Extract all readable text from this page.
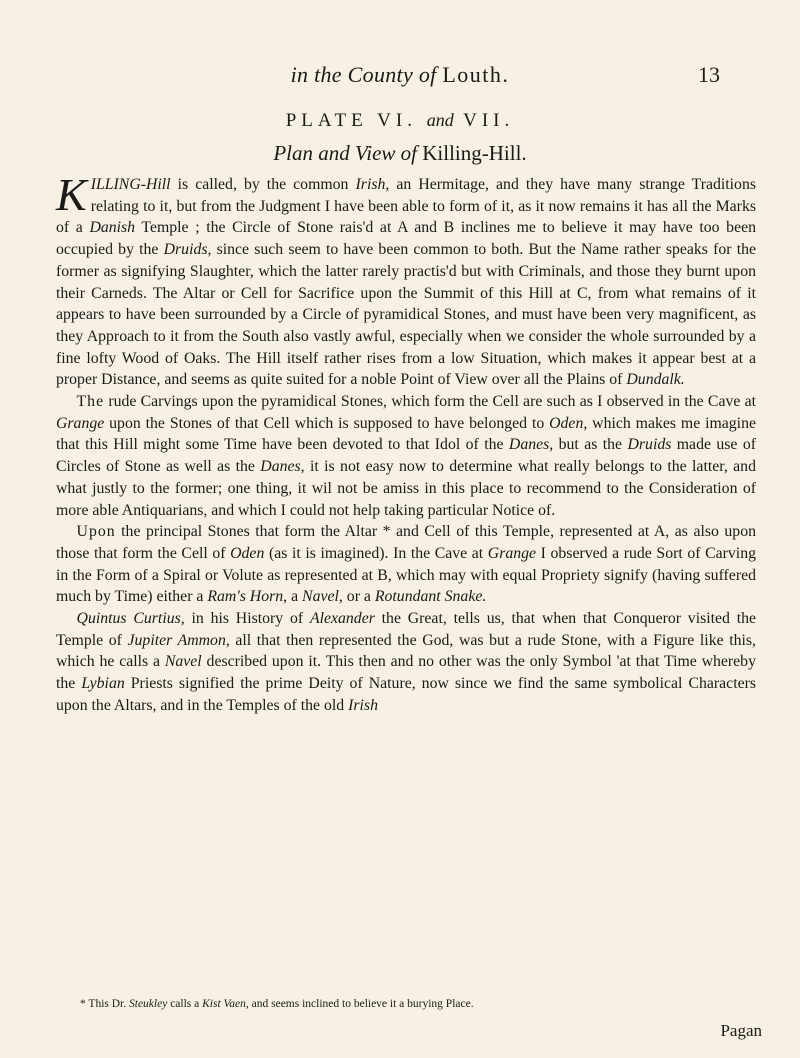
in the County of Louth.	13
PLATE VI. and VII.
Plan and View of Killing-Hill.

KILLING-Hill is called, by the common Irish, an Hermitage, and they have many strange Traditions relating to it, but from the Judgment I have been able to form of it, as it now remains it has all the Marks of a Danish Temple ; the Circle of Stone rais'd at A and B inclines me to believe it may have too been occupied by the Druids, since such seem to have been common to both. But the Name rather speaks for the former as signifying Slaughter, which the latter rarely practis'd but with Criminals, and those they burnt upon their Carneds. The Altar or Cell for Sacrifice upon the Summit of this Hill at C, from what remains of it appears to have been surrounded by a Circle of pyramidical Stones, and must have been very magnificent, as they Approach to it from the South also vastly awful, especially when we consider the whole surrounded by a fine lofty Wood of Oaks. The Hill itself rather rises from a low Situation, which makes it appear best at a proper Distance, and seems as quite suited for a noble Point of View over all the Plains of Dundalk.

The rude Carvings upon the pyramidical Stones, which form the Cell are such as I observed in the Cave at Grange upon the Stones of that Cell which is supposed to have belonged to Oden, which makes me imagine that this Hill might some Time have been devoted to that Idol of the Danes, but as the Druids made use of Circles of Stone as well as the Danes, it is not easy now to determine what really belongs to the latter, and what justly to the former; one thing, it wil not be amiss in this place to recommend to the Consideration of more able Antiquarians, and which I could not help taking particular Notice of.

Upon the principal Stones that form the Altar * and Cell of this Temple, represented at A, as also upon those that form the Cell of Oden (as it is imagined). In the Cave at Grange I observed a rude Sort of Carving in the Form of a Spiral or Volute as represented at B, which may with equal Propriety signify (having suffered much by Time) either a Ram's Horn, a Navel, or a Rotundant Snake.

Quintus Curtius, in his History of Alexander the Great, tells us, that when that Conqueror visited the Temple of Jupiter Ammon, all that then represented the God, was but a rude Stone, with a Figure like this, which he calls a Navel described upon it. This then and no other was the only Symbol 'at that Time whereby the Lybian Priests signified the prime Deity of Nature, now since we find the same symbolical Characters upon the Altars, and in the Temples of the old Irish

* This Dr. Steukley calls a Kist Vaen, and seems inclined to believe it a burying Place.
Pagan
